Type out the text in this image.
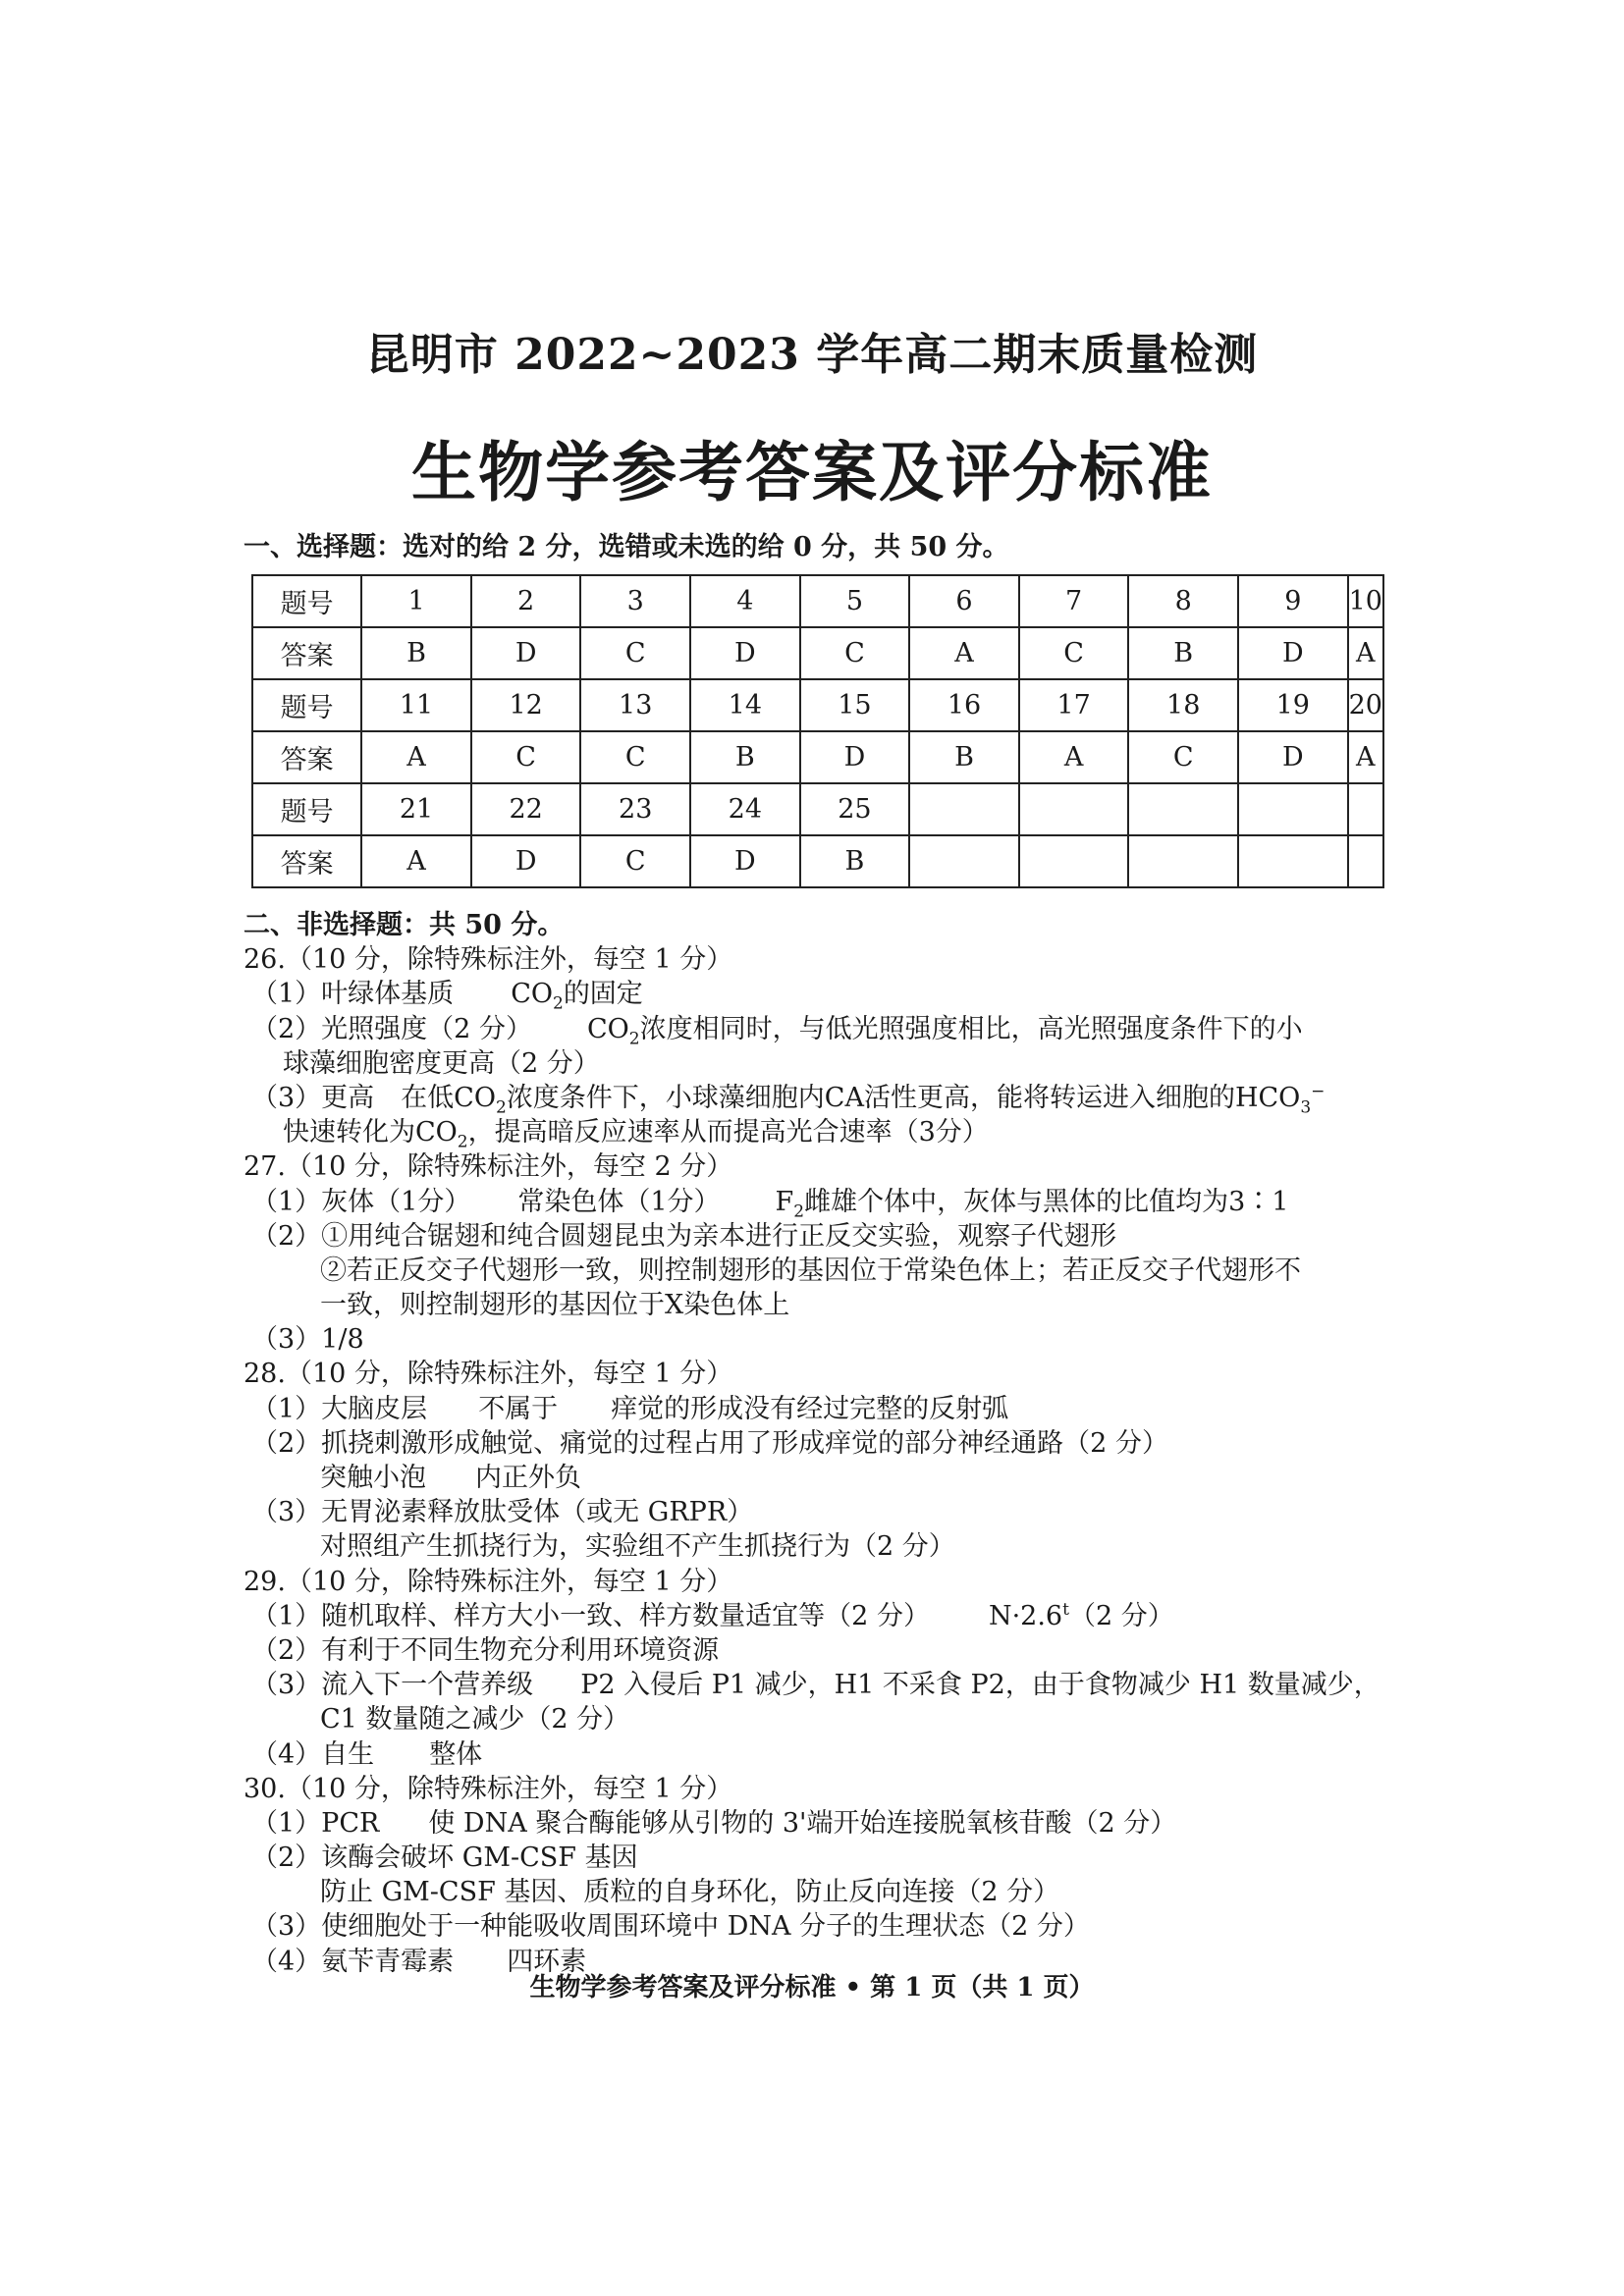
昆明市 2022~2023 学年高二期末质量检测
生物学参考答案及评分标准
一、选择题：选对的给 2 分，选错或未选的给 0 分，共 50 分。
题号	1	2	3	4	5	6	7	8	9	10
答案	B	D	C	D	C	A	C	B	D	A
题号	11	12	13	14	15	16	17	18	19	20
答案	A	C	C	B	D	B	A	C	D	A
题号	21	22	23	24	25					
答案	A	D	C	D	B					
二、非选择题：共 50 分。
26.（10 分，除特殊标注外，每空 1 分）
（1）叶绿体基质 $CO_2$的固定
（2）光照强度（2 分） $CO_2$浓度相同时，与低光照强度相比，高光照强度条件下的小
球藻细胞密度更高（2 分）
（3）更高　在低$CO_2$浓度条件下，小球藻细胞内CA活性更高，能将转运进入细胞的$HCO_3^-$
快速转化为$CO_2$，提高暗反应速率从而提高光合速率（3分）
27.（10 分，除特殊标注外，每空 2 分）
（1）灰体（1分） 常染色体（1分） $F_2$雌雄个体中，灰体与黑体的比值均为3∶1
（2）①用纯合锯翅和纯合圆翅昆虫为亲本进行正反交实验，观察子代翅形
②若正反交子代翅形一致，则控制翅形的基因位于常染色体上；若正反交子代翅形不
一致，则控制翅形的基因位于X染色体上
（3）1/8
28.（10 分，除特殊标注外，每空 1 分）
（1）大脑皮层 不属于 痒觉的形成没有经过完整的反射弧
（2）抓挠刺激形成触觉、痛觉的过程占用了形成痒觉的部分神经通路（2 分）
突触小泡 内正外负
（3）无胃泌素释放肽受体（或无 GRPR）
对照组产生抓挠行为，实验组不产生抓挠行为（2 分）
29.（10 分，除特殊标注外，每空 1 分）
（1）随机取样、样方大小一致、样方数量适宜等（2 分） $N\cdot 2.6^t(2$ 分）
（2）有利于不同生物充分利用环境资源
（3）流入下一个营养级 P2 入侵后 P1 减少，H1 不采食 P2，由于食物减少 H1 数量减少，
C1 数量随之减少（2 分）
（4）自生 整体
30.（10 分，除特殊标注外，每空 1 分）
（1）PCR 使 DNA 聚合酶能够从引物的 3'端开始连接脱氧核苷酸（2 分）
（2）该酶会破坏 GM-CSF 基因
防止 GM-CSF 基因、质粒的自身环化，防止反向连接（2 分）
（3）使细胞处于一种能吸收周围环境中 DNA 分子的生理状态（2 分）
（4）氨苄青霉素 四环素
生物学参考答案及评分标准 • 第 1 页（共 1 页）
